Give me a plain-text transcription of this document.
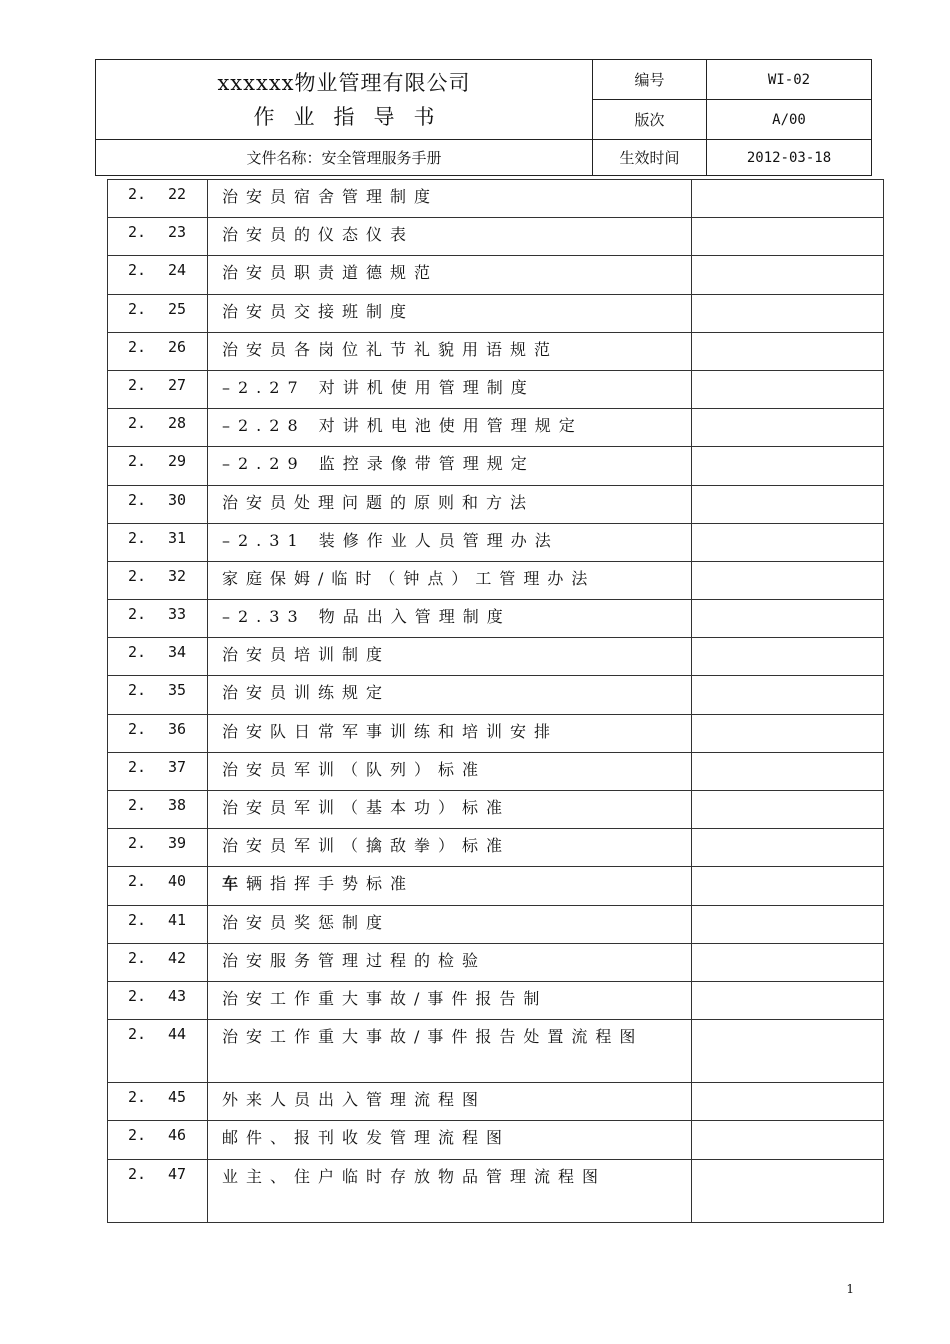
xxxxxx物业管理有限公司
作业指导书	编号	WI-02
	版次	A/00
文件名称：安全管理服务手册	生效时间	2012-03-18
2. 22	治安员宿舍管理制度	
2. 23	治安员的仪态仪表	
2. 24	治安员职责道德规范	
2. 25	治安员交接班制度	
2. 26	治安员各岗位礼节礼貌用语规范	
2. 27	–2.27 对讲机使用管理制度	
2. 28	–2.28 对讲机电池使用管理规定	
2. 29	–2.29 监控录像带管理规定	
2. 30	治安员处理问题的原则和方法	
2. 31	–2.31 装修作业人员管理办法	
2. 32	家庭保姆/临时（钟点）工管理办法	
2. 33	–2.33 物品出入管理制度	
2. 34	治安员培训制度	
2. 35	治安员训练规定	
2. 36	治安队日常军事训练和培训安排	
2. 37	治安员军训（队列）标准	
2. 38	治安员军训（基本功）标准	
2. 39	治安员军训（擒敌拳）标准	
2. 40	车辆指挥手势标准	
2. 41	治安员奖惩制度	
2. 42	治安服务管理过程的检验	
2. 43	治安工作重大事故/事件报告制	
2. 44	治安工作重大事故/事件报告处置流程图	
2. 45	外来人员出入管理流程图	
2. 46	邮件、报刊收发管理流程图	
2. 47	业主、住户临时存放物品管理流程图	
1
